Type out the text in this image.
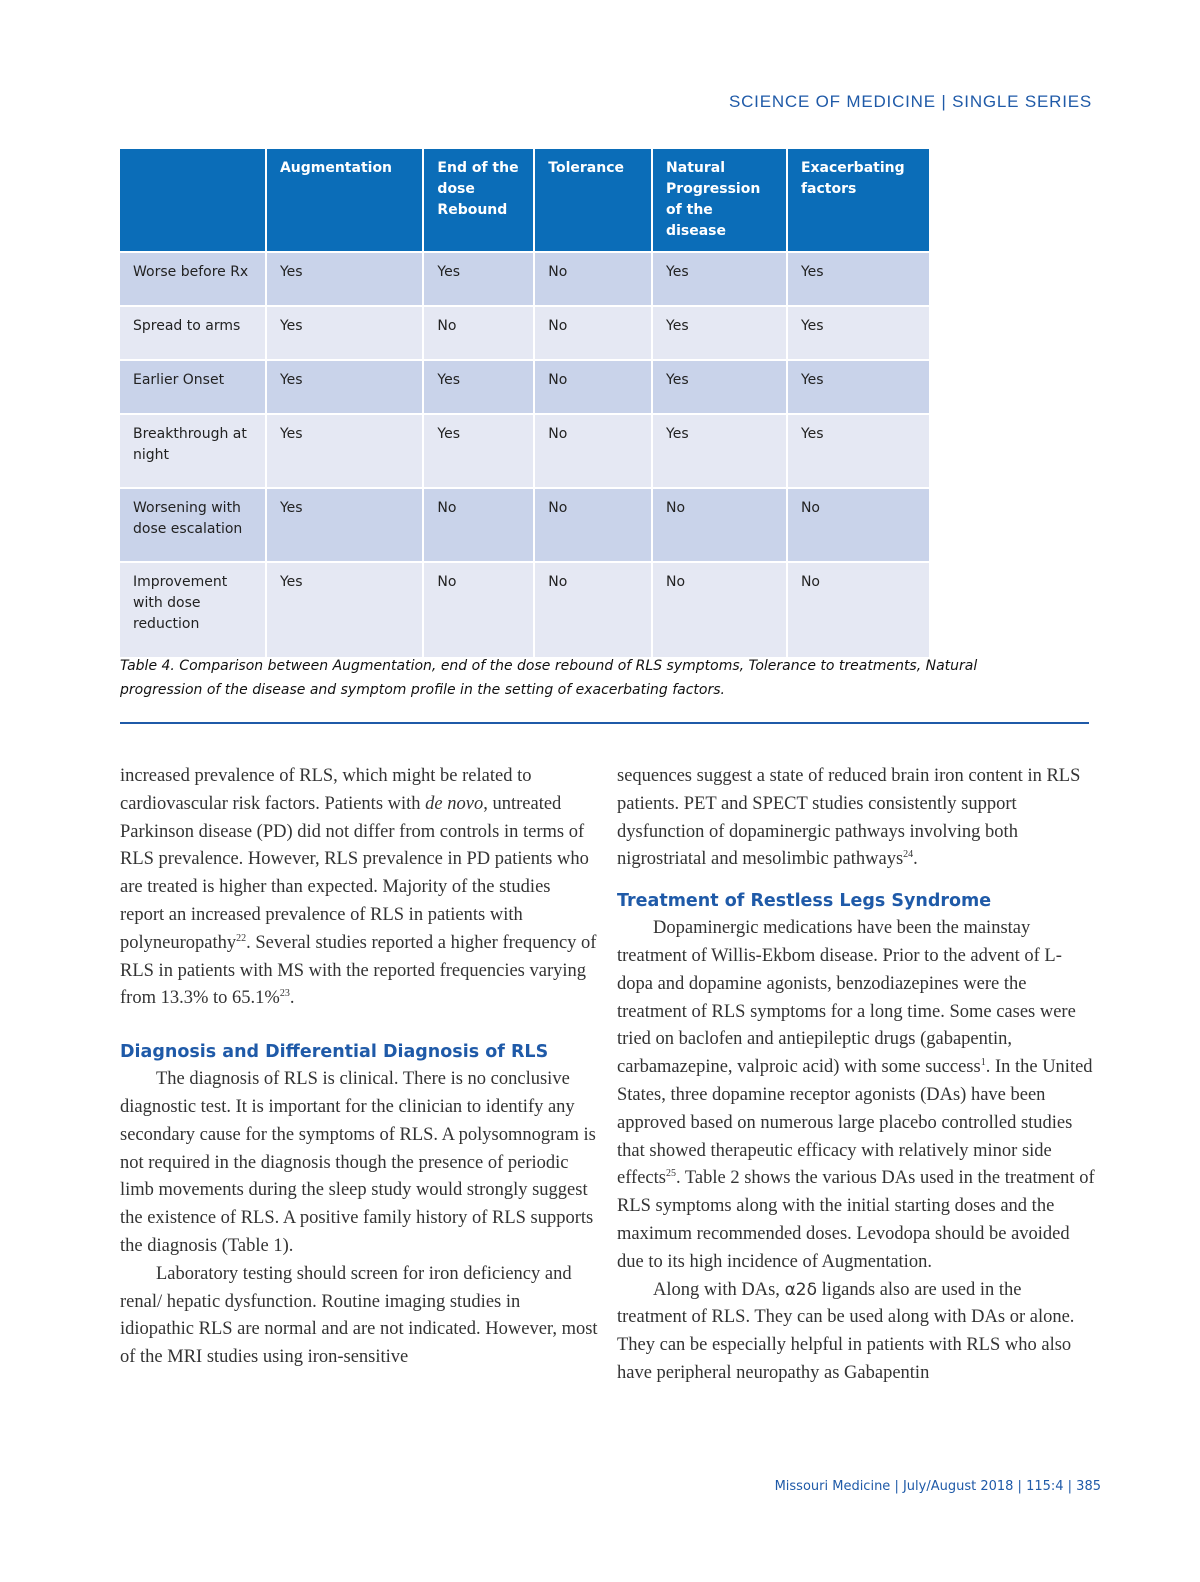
SCIENCE OF MEDICINE | SINGLE SERIES
	Augmentation	End of the dose Rebound	Tolerance	Natural Progression of the disease	Exacerbating factors
Worse before Rx	Yes	Yes	No	Yes	Yes
Spread to arms	Yes	No	No	Yes	Yes
Earlier Onset	Yes	Yes	No	Yes	Yes
Breakthrough at night	Yes	Yes	No	Yes	Yes
Worsening with dose escalation	Yes	No	No	No	No
Improvement with dose reduction	Yes	No	No	No	No
Table 4. Comparison between Augmentation, end of the dose rebound of RLS symptoms, Tolerance to treatments, Natural progression of the disease and symptom profile in the setting of exacerbating factors.

increased prevalence of RLS, which might be related to cardiovascular risk factors. Patients with de novo, untreated Parkinson disease (PD) did not differ from controls in terms of RLS prevalence. However, RLS prevalence in PD patients who are treated is higher than expected. Majority of the studies report an increased prevalence of RLS in patients with polyneuropathy$^{22}$. Several studies reported a higher frequency of RLS in patients with MS with the reported frequencies varying from 13.3% to 65.1%$^{23}$.

Diagnosis and Differential Diagnosis of RLS

The diagnosis of RLS is clinical. There is no conclusive diagnostic test. It is important for the clinician to identify any secondary cause for the symptoms of RLS. A polysomnogram is not required in the diagnosis though the presence of periodic limb movements during the sleep study would strongly suggest the existence of RLS. A positive family history of RLS supports the diagnosis (Table 1).

Laboratory testing should screen for iron deficiency and renal/ hepatic dysfunction. Routine imaging studies in idiopathic RLS are normal and are not indicated. However, most of the MRI studies using iron-sensitive

sequences suggest a state of reduced brain iron content in RLS patients. PET and SPECT studies consistently support dysfunction of dopaminergic pathways involving both nigrostriatal and mesolimbic pathways$^{24}$.

Treatment of Restless Legs Syndrome

Dopaminergic medications have been the mainstay treatment of Willis-Ekbom disease. Prior to the advent of L-dopa and dopamine agonists, benzodiazepines were the treatment of RLS symptoms for a long time. Some cases were tried on baclofen and antiepileptic drugs (gabapentin, carbamazepine, valproic acid) with some success$^1$. In the United States, three dopamine receptor agonists (DAs) have been approved based on numerous large placebo controlled studies that showed therapeutic efficacy with relatively minor side effects$^{25}$. Table 2 shows the various DAs used in the treatment of RLS symptoms along with the initial starting doses and the maximum recommended doses. Levodopa should be avoided due to its high incidence of Augmentation.

Along with DAs, α2δ ligands also are used in the treatment of RLS. They can be used along with DAs or alone. They can be especially helpful in patients with RLS who also have peripheral neuropathy as Gabapentin

Missouri Medicine | July/August 2018 | 115:4 | 385
